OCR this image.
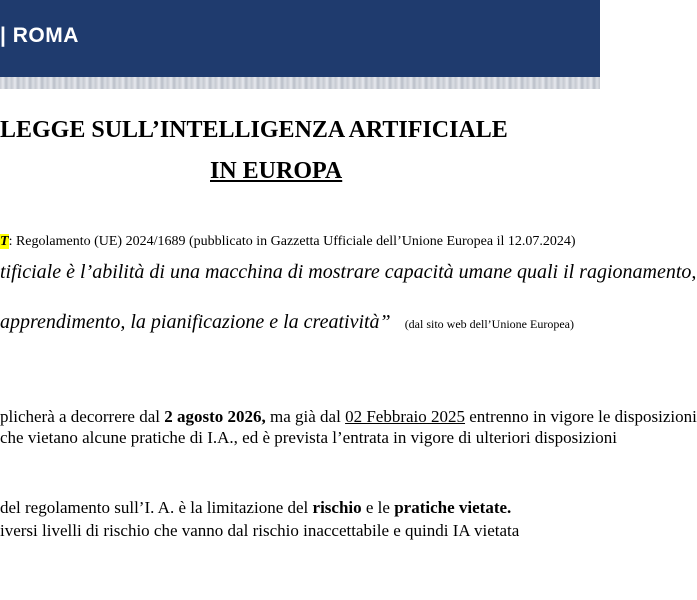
| ROMA
LEGGE SULL’INTELLIGENZA ARTIFICIALE
IN EUROPA
T: Regolamento (UE) 2024/1689 (pubblicato in Gazzetta Ufficiale dell’Unione Europea il 12.07.2024)
tificiale è l’abilità di una macchina di mostrare capacità umane quali il ragionamento,
apprendimento, la pianificazione e la creatività” (dal sito web dell’Unione Europea)
plicherà a decorrere dal 2 agosto 2026, ma già dal 02 Febbraio 2025 entrenno in vigore le disposizioni
che vietano alcune pratiche di I.A., ed è prevista l’entrata in vigore di ulteriori disposizioni
del regolamento sull’I. A. è la limitazione del rischio e le pratiche vietate.
iversi livelli di rischio che vanno dal rischio inaccettabile e quindi IA vietata
